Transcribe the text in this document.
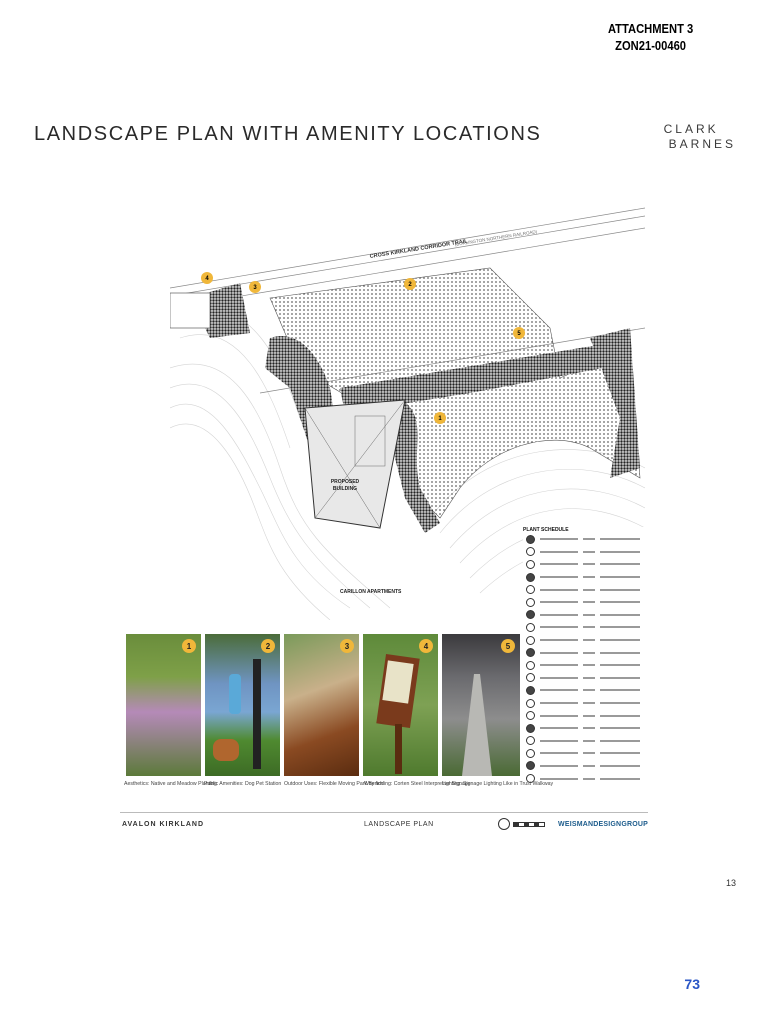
ATTACHMENT 3
ZON21-00460
LANDSCAPE PLAN WITH AMENITY LOCATIONS	CLARK
BARNES
PROPOSED
BUILDING
CROSS KIRKLAND CORRIDOR TRAIL
(BURLINGTON NORTHERN RAILROAD)
CARILLON APARTMENTS
4
3	2
5
1
PLANT SCHEDULE
1	2	3	4	5
Aesthetics: Native and Meadow Planting
Public Amenities: Dog Pet Station Outdoor Uses: Flexible Moving Park Bench
Way finding: Corten Steel Interpretive Signage
Lighting: Signage Lighting Like in Trust Walkway
AVALON KIRKLAND	LANDSCAPE PLAN	WEISMANDESIGNGROUP
13
73
